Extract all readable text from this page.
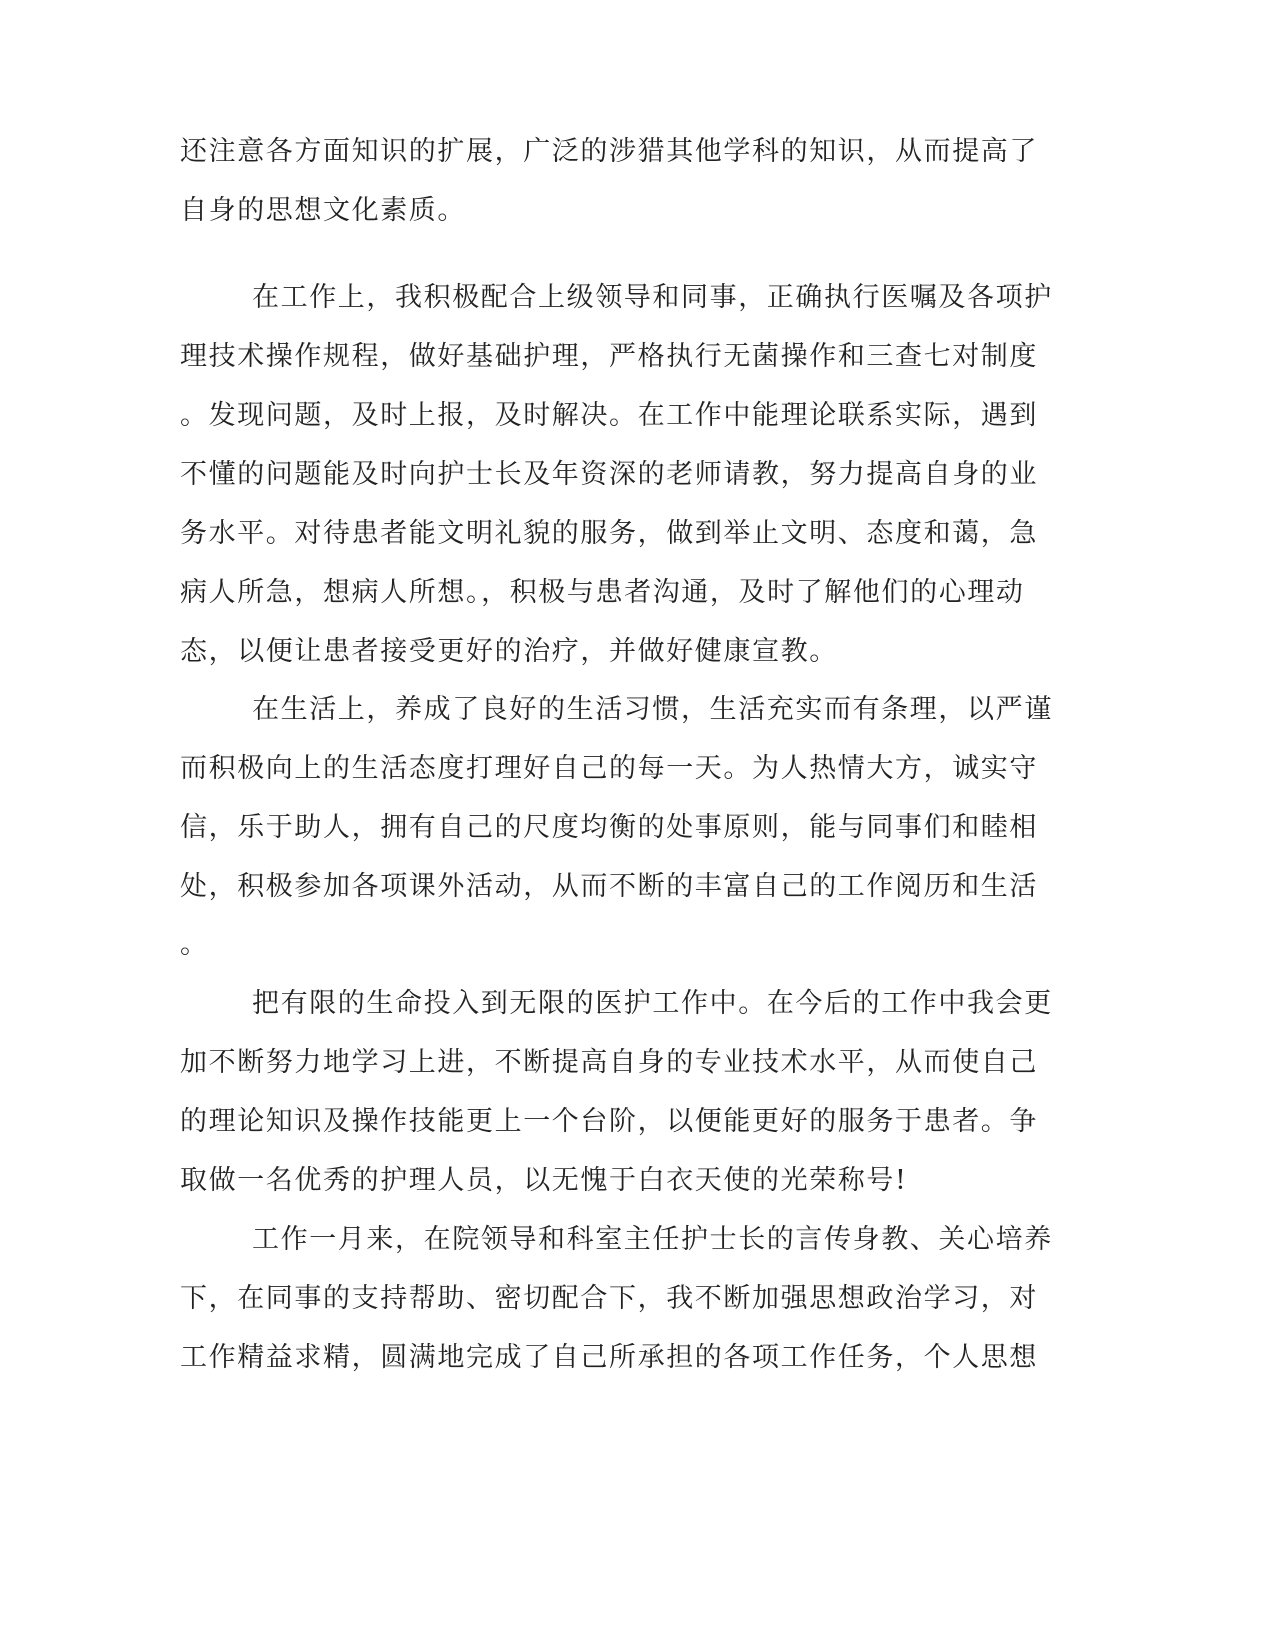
还注意各方面知识的扩展，广泛的涉猎其他学科的知识，从而提高了

自身的思想文化素质。

在工作上，我积极配合上级领导和同事，正确执行医嘱及各项护

理技术操作规程，做好基础护理，严格执行无菌操作和三查七对制度

。发现问题，及时上报，及时解决。在工作中能理论联系实际，遇到

不懂的问题能及时向护士长及年资深的老师请教，努力提高自身的业

务水平。对待患者能文明礼貌的服务，做到举止文明、态度和蔼，急

病人所急，想病人所想。，积极与患者沟通，及时了解他们的心理动

态，以便让患者接受更好的治疗，并做好健康宣教。

在生活上，养成了良好的生活习惯，生活充实而有条理，以严谨

而积极向上的生活态度打理好自己的每一天。为人热情大方，诚实守

信，乐于助人，拥有自己的尺度均衡的处事原则，能与同事们和睦相

处，积极参加各项课外活动，从而不断的丰富自己的工作阅历和生活

。

把有限的生命投入到无限的医护工作中。在今后的工作中我会更

加不断努力地学习上进，不断提高自身的专业技术水平，从而使自己

的理论知识及操作技能更上一个台阶，以便能更好的服务于患者。争

取做一名优秀的护理人员，以无愧于白衣天使的光荣称号!

工作一月来，在院领导和科室主任护士长的言传身教、关心培养

下，在同事的支持帮助、密切配合下，我不断加强思想政治学习，对

工作精益求精，圆满地完成了自己所承担的各项工作任务，个人思想
